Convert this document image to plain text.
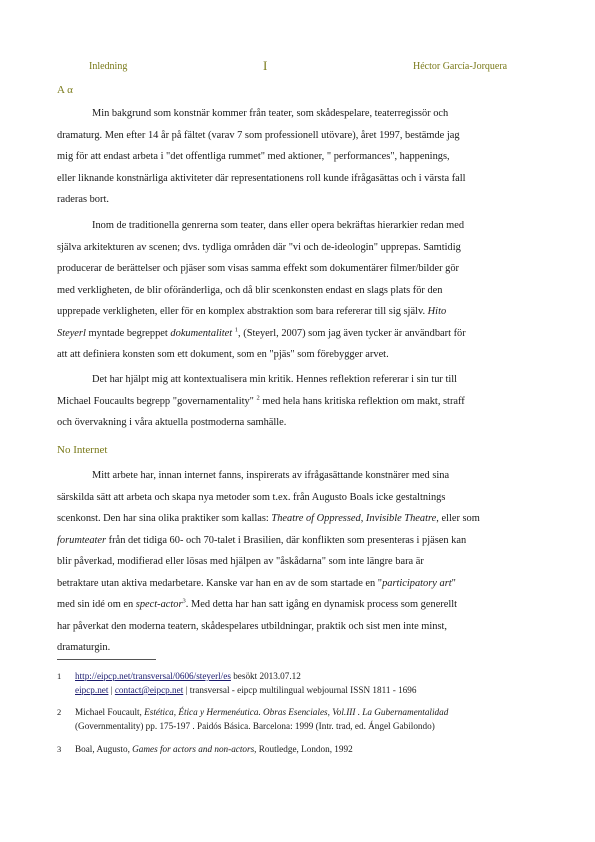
Inledning	I	Héctor García-Jorquera
A α

Min bakgrund som konstnär kommer från teater, som skådespelare, teaterregissör och

dramaturg. Men efter 14 år på fältet (varav 7 som professionell utövare), året 1997, bestämde jag

mig för att endast arbeta i "det offentliga rummet" med aktioner, " performances", happenings,

eller liknande konstnärliga aktiviteter där representationens roll kunde ifrågasättas och i värsta fall

raderas bort.

Inom de traditionella genrerna som teater, dans eller opera bekräftas hierarkier redan med

själva arkitekturen av scenen; dvs. tydliga områden där "vi och de-ideologin" upprepas. Samtidig

producerar de berättelser och pjäser som visas samma effekt som dokumentärer filmer/bilder gör

med verkligheten, de blir oföränderliga, och då blir scenkonsten endast en slags plats för den

upprepade verkligheten, eller för en komplex abstraktion som bara refererar till sig själv. Hito

Steyerl myntade begreppet dokumentalitet $^1$, (Steyerl, 2007) som jag även tycker är användbart för

att att definiera konsten som ett dokument, som en "pjäs" som förebygger arvet.

Det har hjälpt mig att kontextualisera min kritik. Hennes reflektion refererar i sin tur till

Michael Foucaults begrepp "governamentality" $^2$ med hela hans kritiska reflektion om makt, straff

och övervakning i våra aktuella postmoderna samhälle.

No Internet

Mitt arbete har, innan internet fanns, inspirerats av ifrågasättande konstnärer med sina

särskilda sätt att arbeta och skapa nya metoder som t.ex. från Augusto Boals icke gestaltnings

scenkonst. Den har sina olika praktiker som kallas: Theatre of Oppressed, Invisible Theatre, eller som

forumteater från det tidiga 60- och 70-talet i Brasilien, där konflikten som presenteras i pjäsen kan

blir påverkad, modifierad eller lösas med hjälpen av "åskådarna" som inte längre bara är

betraktare utan aktiva medarbetare. Kanske var han en av de som startade en "participatory art"

med sin idé om en spect-actor$^3$. Med detta har han satt igång en dynamisk process som generellt

har påverkat den moderna teatern, skådespelares utbildningar, praktik och sist men inte minst,

dramaturgin.

1 http://eipcp.net/transversal/0606/steyerl/es besökt 2013.07.12
eipcp.net | contact@eipcp.net | transversal - eipcp multilingual webjournal ISSN 1811 - 1696
2 Michael Foucault, Estética, Ética y Hermenéutica. Obras Esenciales, Vol.III . La Gubernamentalidad
(Governmentality) pp. 175-197 . Paidós Básica. Barcelona: 1999 (Intr. trad, ed. Ángel Gabilondo)
3 Boal, Augusto, Games for actors and non-actors, Routledge, London, 1992
